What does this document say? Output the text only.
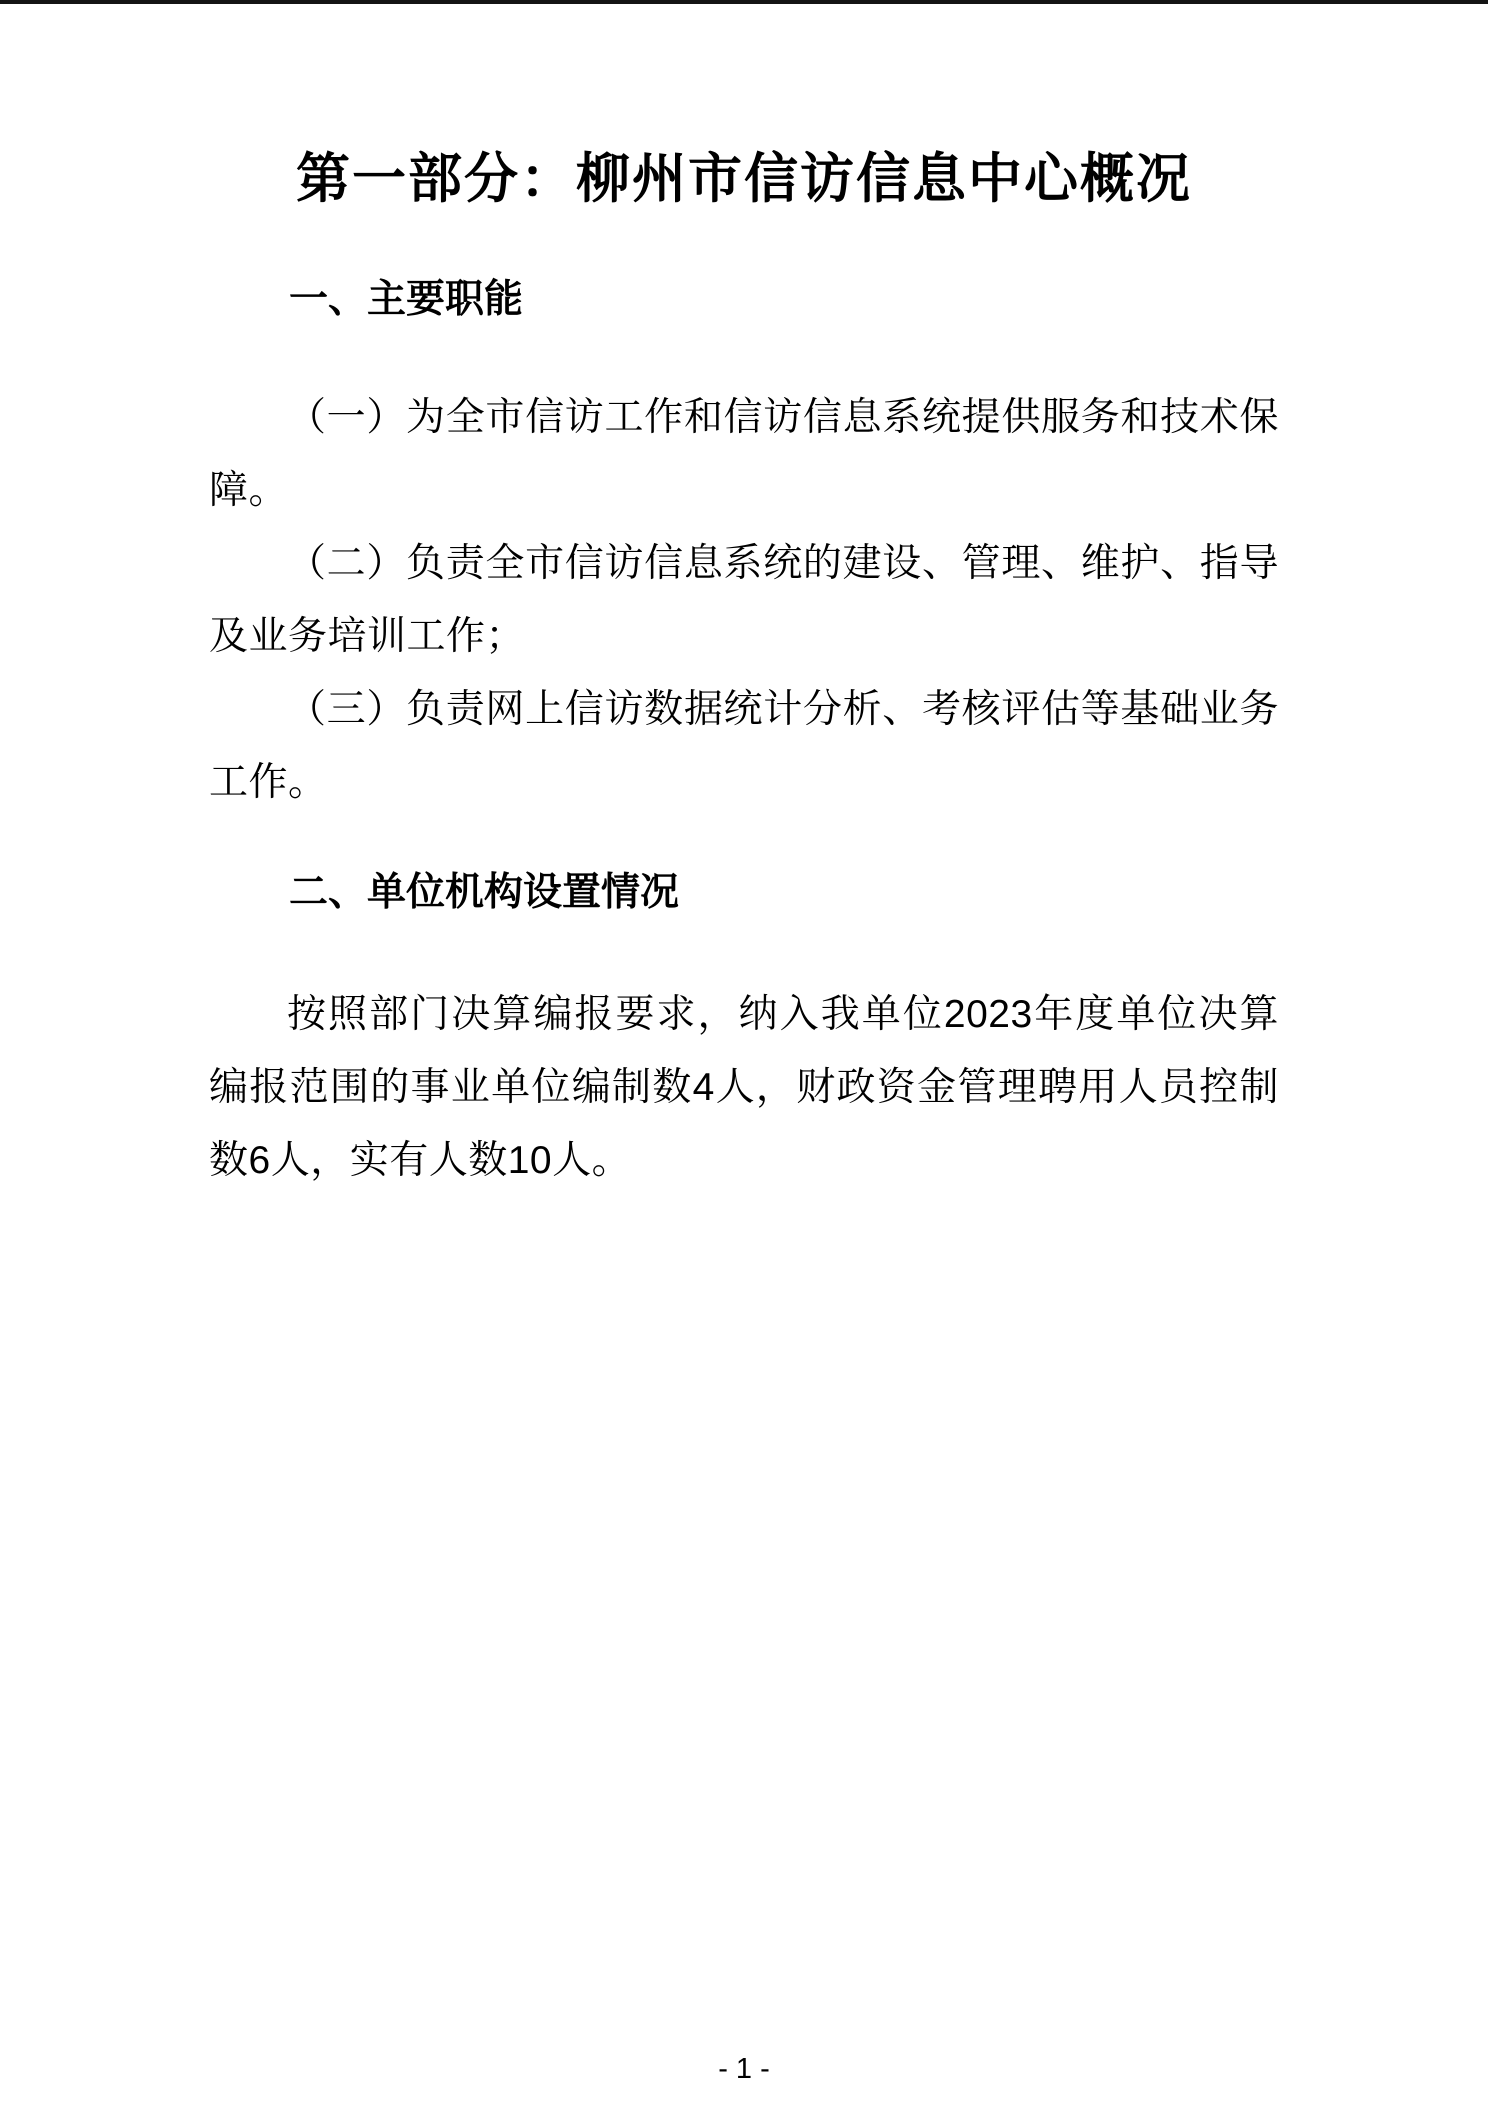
第一部分：柳州市信访信息中心概况
一、主要职能

（一）为全市信访工作和信访信息系统提供服务和技术保障。

（二）负责全市信访信息系统的建设、管理、维护、指导及业务培训工作；

（三）负责网上信访数据统计分析、考核评估等基础业务工作。

二、单位机构设置情况

按照部门决算编报要求，纳入我单位2023年度单位决算编报范围的事业单位编制数4人，财政资金管理聘用人员控制数6人，实有人数10人。

- 1 -
